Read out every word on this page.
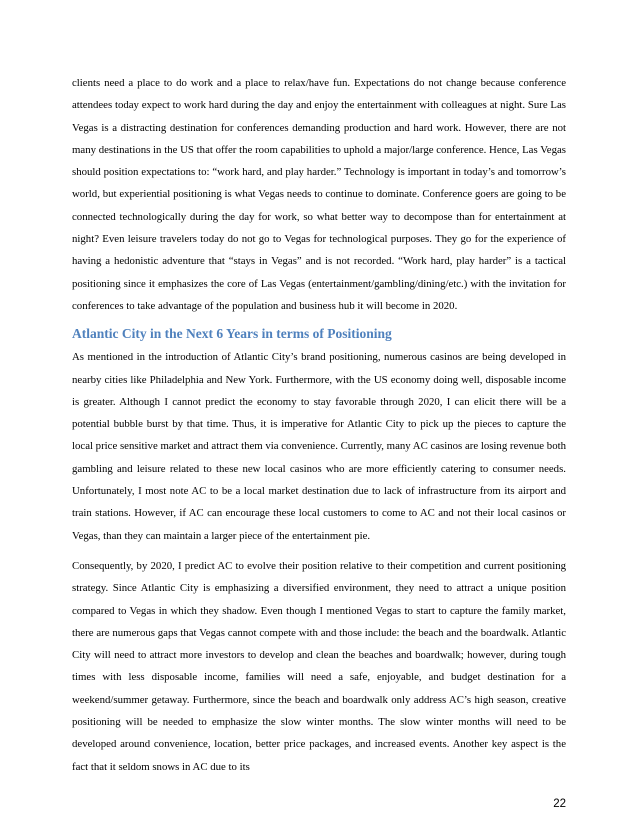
clients need a place to do work and a place to relax/have fun. Expectations do not change because conference attendees today expect to work hard during the day and enjoy the entertainment with colleagues at night. Sure Las Vegas is a distracting destination for conferences demanding production and hard work. However, there are not many destinations in the US that offer the room capabilities to uphold a major/large conference. Hence, Las Vegas should position expectations to: “work hard, and play harder.” Technology is important in today’s and tomorrow’s world, but experiential positioning is what Vegas needs to continue to dominate. Conference goers are going to be connected technologically during the day for work, so what better way to decompose than for entertainment at night? Even leisure travelers today do not go to Vegas for technological purposes. They go for the experience of having a hedonistic adventure that “stays in Vegas” and is not recorded. “Work hard, play harder” is a tactical positioning since it emphasizes the core of Las Vegas (entertainment/gambling/dining/etc.) with the invitation for conferences to take advantage of the population and business hub it will become in 2020.

Atlantic City in the Next 6 Years in terms of Positioning

As mentioned in the introduction of Atlantic City’s brand positioning, numerous casinos are being developed in nearby cities like Philadelphia and New York. Furthermore, with the US economy doing well, disposable income is greater. Although I cannot predict the economy to stay favorable through 2020, I can elicit there will be a potential bubble burst by that time. Thus, it is imperative for Atlantic City to pick up the pieces to capture the local price sensitive market and attract them via convenience. Currently, many AC casinos are losing revenue both gambling and leisure related to these new local casinos who are more efficiently catering to consumer needs. Unfortunately, I most note AC to be a local market destination due to lack of infrastructure from its airport and train stations. However, if AC can encourage these local customers to come to AC and not their local casinos or Vegas, than they can maintain a larger piece of the entertainment pie.

Consequently, by 2020, I predict AC to evolve their position relative to their competition and current positioning strategy. Since Atlantic City is emphasizing a diversified environment, they need to attract a unique position compared to Vegas in which they shadow. Even though I mentioned Vegas to start to capture the family market, there are numerous gaps that Vegas cannot compete with and those include: the beach and the boardwalk. Atlantic City will need to attract more investors to develop and clean the beaches and boardwalk; however, during tough times with less disposable income, families will need a safe, enjoyable, and budget destination for a weekend/summer getaway. Furthermore, since the beach and boardwalk only address AC’s high season, creative positioning will be needed to emphasize the slow winter months. The slow winter months will need to be developed around convenience, location, better price packages, and increased events. Another key aspect is the fact that it seldom snows in AC due to its

22
